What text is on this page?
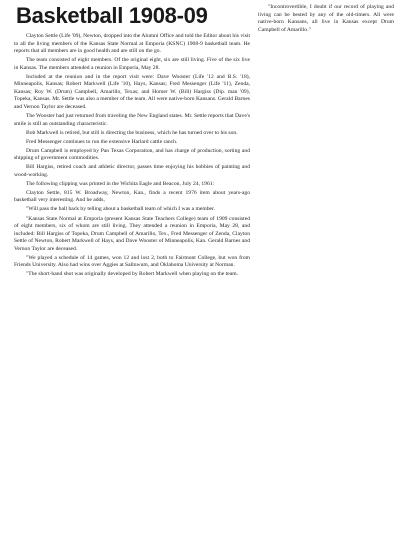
Basketball 1908-09

Clayton Settle (Life '09), Newton, dropped into the Alumni Office and told the Editor about his visit to all the living members of the Kansas State Normal at Emporia (KSNC) 1908-9 basketball team. He reports that all members are in good health and are still on the go.

The team consisted of eight members. Of the original eight, six are still living. Five of the six live in Kansas. The members attended a reunion in Emporia, May 28.

Included at the reunion and in the report visit were: Dave Wooster (Life '12 and B.S. '18), Minneapolis, Kansas; Robert Markwell (Life '10), Hays, Kansas; Fred Messenger (Life '11), Zenda, Kansas; Roy W. (Drum) Campbell, Amarillo, Texas; and Homer W. (Bill) Hargiss (Dip. man '09), Topeka, Kansas. Mr. Settle was also a member of the team. All were native-born Kansans. Gerald Barnes and Vernon Taylor are deceased.

The Wooster had just returned from traveling the New England states. Mr. Settle reports that Dave's smile is still an outstanding characteristic.

Bob Markwell is retired, but still is directing the business, which he has turned over to his son.

Fred Messenger continues to run the extensive Harlard cattle ranch.

Drum Campbell is employed by Pan Texas Corporation, and has charge of production, sorting and shipping of government commodities.

Bill Hargiss, retired coach and athletic director, passes time enjoying his hobbies of painting and wood-working.

The following clipping was printed in the Wichita Eagle and Beacon, July 24, 1961:

Clayton Settle, 815 W. Broadway, Newton, Kan., finds a recent 1976 item about years-ago basketball very interesting. And he adds,

"Will pass the ball back by telling about a basketball team of which I was a member.

"Kansas State Normal at Emporia (present Kansas State Teachers College) team of 1909 consisted of eight members, six of whom are still living. They attended a reunion in Emporia, May 28, and included: Bill Hargiss of Topeka, Drum Campbell of Amarillo, Tex., Fred Messenger of Zenda, Clayton Settle of Newton, Robert Markwell of Hays, and Dave Wooster of Minneapolis, Kan. Gerald Barnes and Vernon Taylor are deceased.

"We played a schedule of 14 games, won 12 and lost 2, both to Fairmont College, but won from Friends University. Also had wins over Aggies at Sallnwum, and Oklahoma University at Norman.

"The short-hand shot was originally developed by Robert Markwell when playing on the team.

"Incontrovertible, I doubt if our record of playing and living can be bested by any of the old-timers. All were native-born Kansans, all live in Kansas except Drum Campbell of Amarillo."
